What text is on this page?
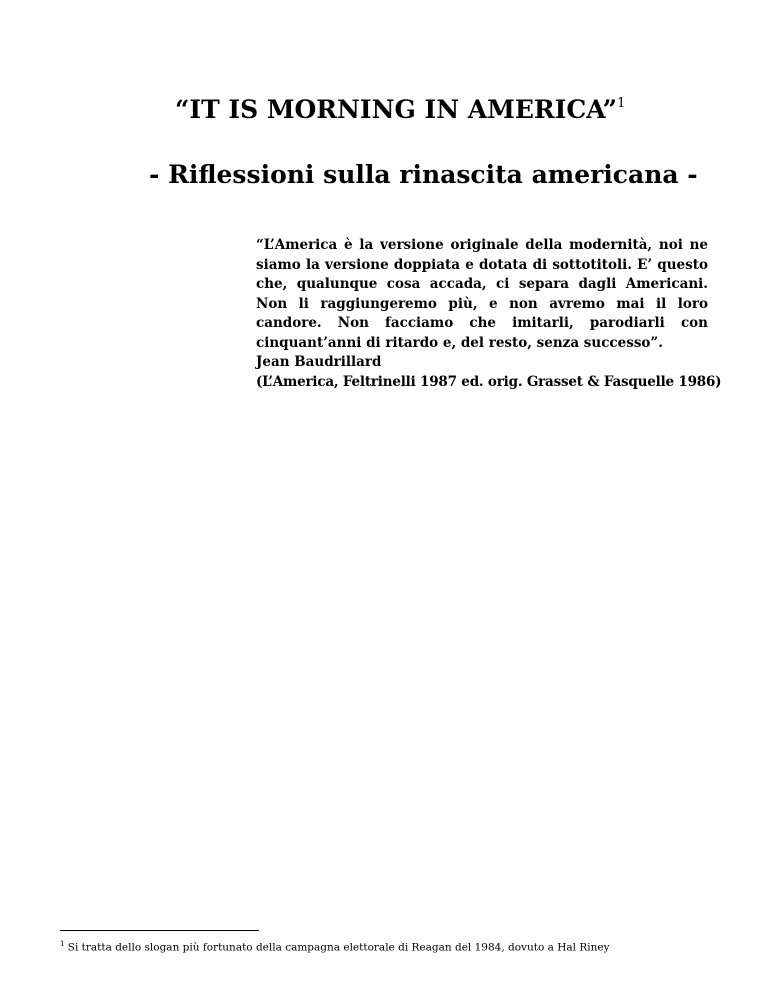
“IT IS MORNING IN AMERICA”$^1$
- Riflessioni sulla rinascita americana -

“L’America è la versione originale della modernità, noi ne siamo la versione doppiata e dotata di sottotitoli. E’ questo che, qualunque cosa accada, ci separa dagli Americani. Non li raggiungeremo più, e non avremo mai il loro candore. Non facciamo che imitarli, parodiarli con cinquant’anni di ritardo e, del resto, senza successo”.

Jean Baudrillard

(L’America, Feltrinelli 1987 ed. orig. Grasset & Fasquelle 1986)

$^1$ Si tratta dello slogan più fortunato della campagna elettorale di Reagan del 1984, dovuto a Hal Riney
